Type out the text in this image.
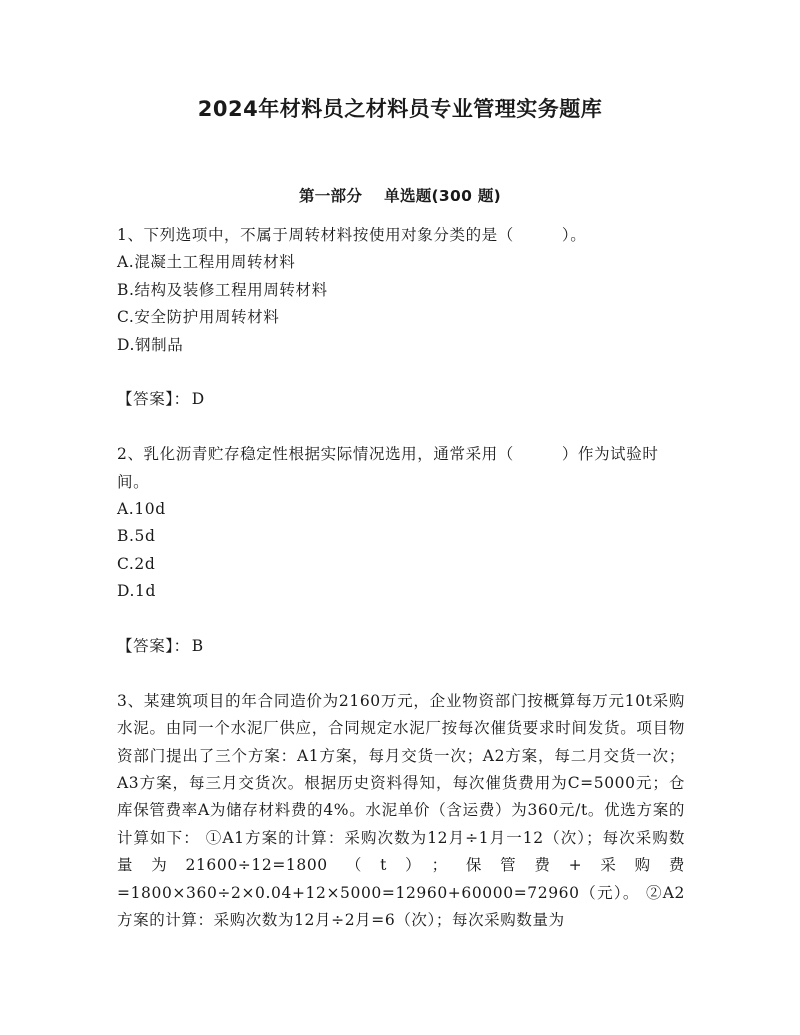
2024年材料员之材料员专业管理实务题库
第一部分 单选题(300 题)

1、下列选项中，不属于周转材料按使用对象分类的是（	）。

A.混凝土工程用周转材料
B.结构及装修工程用周转材料
C.安全防护用周转材料
D.钢制品

【答案】： D

2、乳化沥青贮存稳定性根据实际情况选用，通常采用（	）作为试验时间。

A.10d
B.5d
C.2d
D.1d

【答案】： B

3、某建筑项目的年合同造价为2160万元，企业物资部门按概算每万元10t采购水泥。由同一个水泥厂供应，合同规定水泥厂按每次催货要求时间发货。项目物资部门提出了三个方案：A1方案，每月交货一次；A2方案，每二月交货一次；A3方案，每三月交货次。根据历史资料得知，每次催货费用为C=5000元；仓库保管费率A为储存材料费的4%。水泥单价（含运费）为360元/t。优选方案的计算如下： ①A1方案的计算：采购次数为12月÷1月一12（次）；每次采购数量为21600÷12=1800（t）；保管费+采购费=1800×360÷2×0.04+12×5000=12960+60000=72960（元）。 ②A2方案的计算：采购次数为12月÷2月=6（次）；每次采购数量为
